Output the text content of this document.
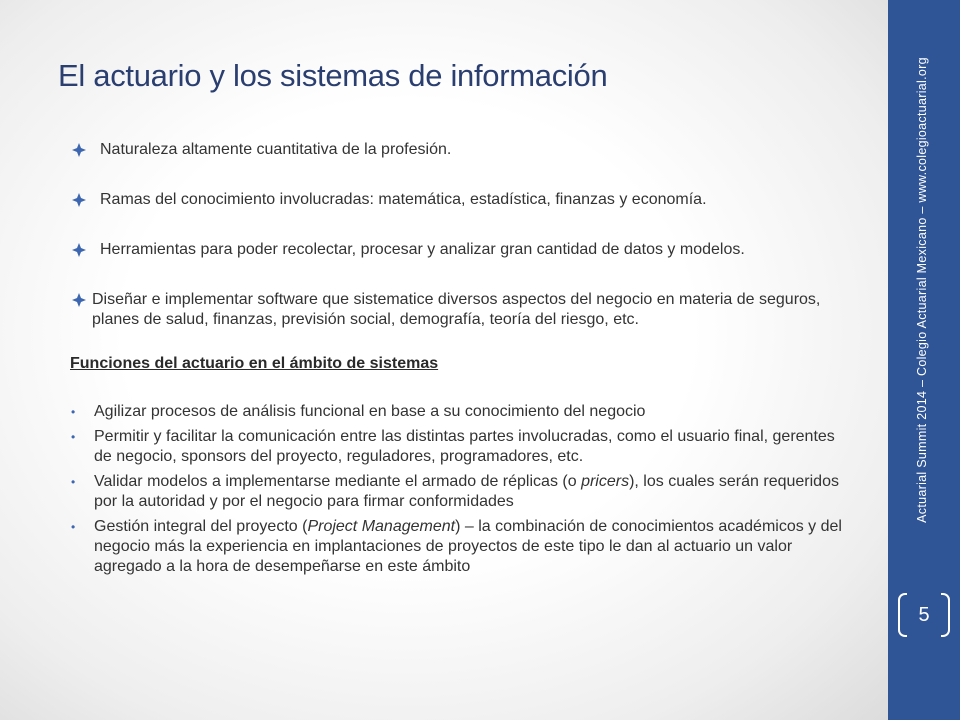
El actuario y los sistemas de información
Naturaleza altamente cuantitativa de la profesión.
Ramas del conocimiento involucradas: matemática, estadística, finanzas y economía.
Herramientas para poder recolectar, procesar y analizar gran cantidad de datos y modelos.
Diseñar e implementar software que sistematice diversos aspectos del negocio en materia de seguros, planes de salud, finanzas, previsión social, demografía, teoría del riesgo, etc.
Funciones del actuario en el ámbito de sistemas
• Agilizar procesos de análisis funcional en base a su conocimiento del negocio
• Permitir y facilitar la comunicación entre las distintas partes involucradas, como el usuario final, gerentes de negocio, sponsors del proyecto, reguladores, programadores, etc.
• Validar modelos a implementarse mediante el armado de réplicas (o pricers), los cuales serán requeridos por la autoridad y por el negocio para firmar conformidades
• Gestión integral del proyecto (Project Management) – la combinación de conocimientos académicos y del negocio más la experiencia en implantaciones de proyectos de este tipo le dan al actuario un valor agregado a la hora de desempeñarse en este ámbito
Actuarial Summit 2014 – Colegio Actuarial Mexicano – www.colegioactuarial.org
5
